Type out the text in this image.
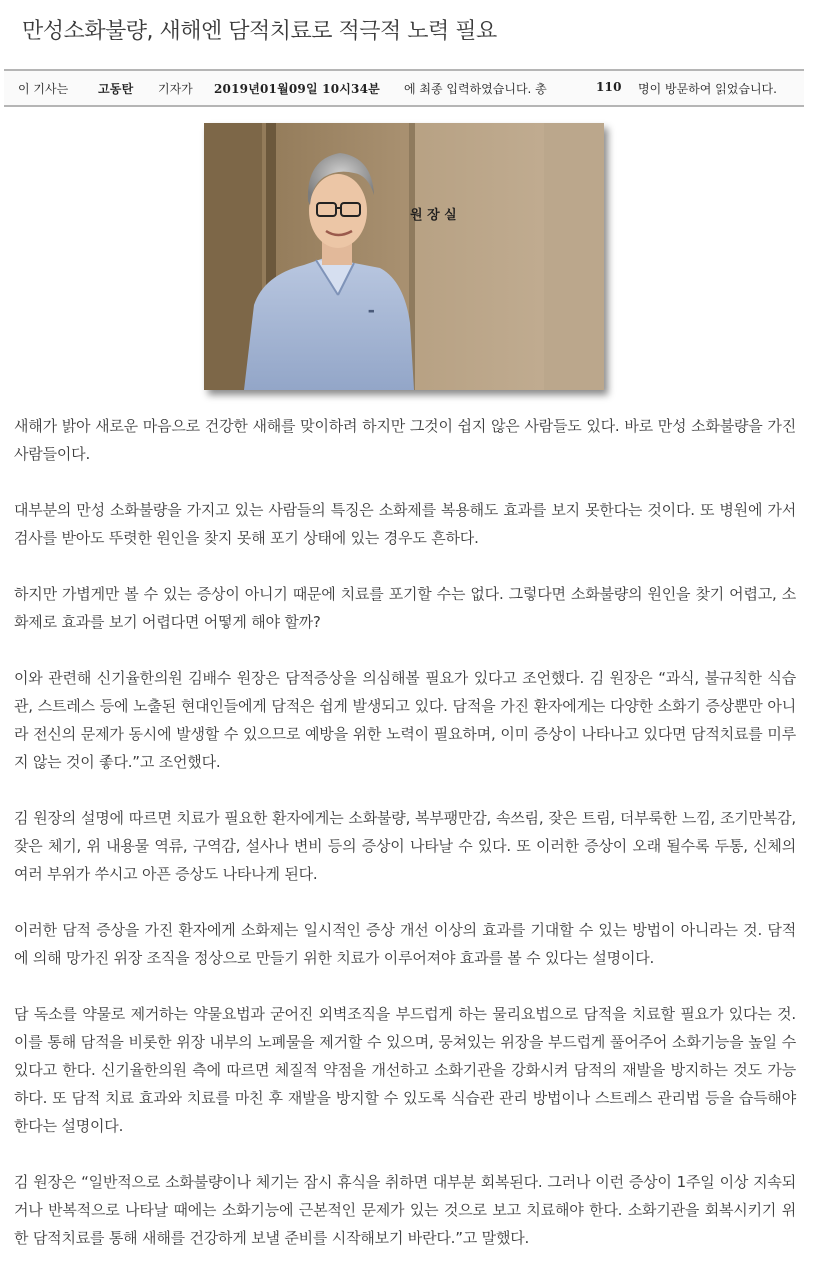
만성소화불량, 새해엔 담적치료로 적극적 노력 필요
이 기사는 고동탄 기자가 2019년01월09일 10시34분 에 최종 입력하였습니다. 총	110 명이 방문하여 읽었습니다.
원 장 실
▬

새해가 밝아 새로운 마음으로 건강한 새해를 맞이하려 하지만 그것이 쉽지 않은 사람들도 있다. 바로 만성 소화불량을 가진 사람들이다.

대부분의 만성 소화불량을 가지고 있는 사람들의 특징은 소화제를 복용해도 효과를 보지 못한다는 것이다. 또 병원에 가서 검사를 받아도 뚜렷한 원인을 찾지 못해 포기 상태에 있는 경우도 흔하다.

하지만 가볍게만 볼 수 있는 증상이 아니기 때문에 치료를 포기할 수는 없다. 그렇다면 소화불량의 원인을 찾기 어렵고, 소화제로 효과를 보기 어렵다면 어떻게 해야 할까?

이와 관련해 신기율한의원 김배수 원장은 담적증상을 의심해볼 필요가 있다고 조언했다. 김 원장은 “과식, 불규칙한 식습관, 스트레스 등에 노출된 현대인들에게 담적은 쉽게 발생되고 있다. 담적을 가진 환자에게는 다양한 소화기 증상뿐만 아니라 전신의 문제가 동시에 발생할 수 있으므로 예방을 위한 노력이 필요하며, 이미 증상이 나타나고 있다면 담적치료를 미루지 않는 것이 좋다.”고 조언했다.

김 원장의 설명에 따르면 치료가 필요한 환자에게는 소화불량, 복부팽만감, 속쓰림, 잦은 트림, 더부룩한 느낌, 조기만복감, 잦은 체기, 위 내용물 역류, 구역감, 설사나 변비 등의 증상이 나타날 수 있다. 또 이러한 증상이 오래 될수록 두통, 신체의 여러 부위가 쑤시고 아픈 증상도 나타나게 된다.

이러한 담적 증상을 가진 환자에게 소화제는 일시적인 증상 개선 이상의 효과를 기대할 수 있는 방법이 아니라는 것. 담적에 의해 망가진 위장 조직을 정상으로 만들기 위한 치료가 이루어져야 효과를 볼 수 있다는 설명이다.

담 독소를 약물로 제거하는 약물요법과 굳어진 외벽조직을 부드럽게 하는 물리요법으로 담적을 치료할 필요가 있다는 것. 이를 통해 담적을 비롯한 위장 내부의 노폐물을 제거할 수 있으며, 뭉쳐있는 위장을 부드럽게 풀어주어 소화기능을 높일 수 있다고 한다. 신기율한의원 측에 따르면 체질적 약점을 개선하고 소화기관을 강화시켜 담적의 재발을 방지하는 것도 가능하다. 또 담적 치료 효과와 치료를 마친 후 재발을 방지할 수 있도록 식습관 관리 방법이나 스트레스 관리법 등을 습득해야 한다는 설명이다.

김 원장은 “일반적으로 소화불량이나 체기는 잠시 휴식을 취하면 대부분 회복된다. 그러나 이런 증상이 1주일 이상 지속되거나 반복적으로 나타날 때에는 소화기능에 근본적인 문제가 있는 것으로 보고 치료해야 한다. 소화기관을 회복시키기 위한 담적치료를 통해 새해를 건강하게 보낼 준비를 시작해보기 바란다.”고 말했다.
